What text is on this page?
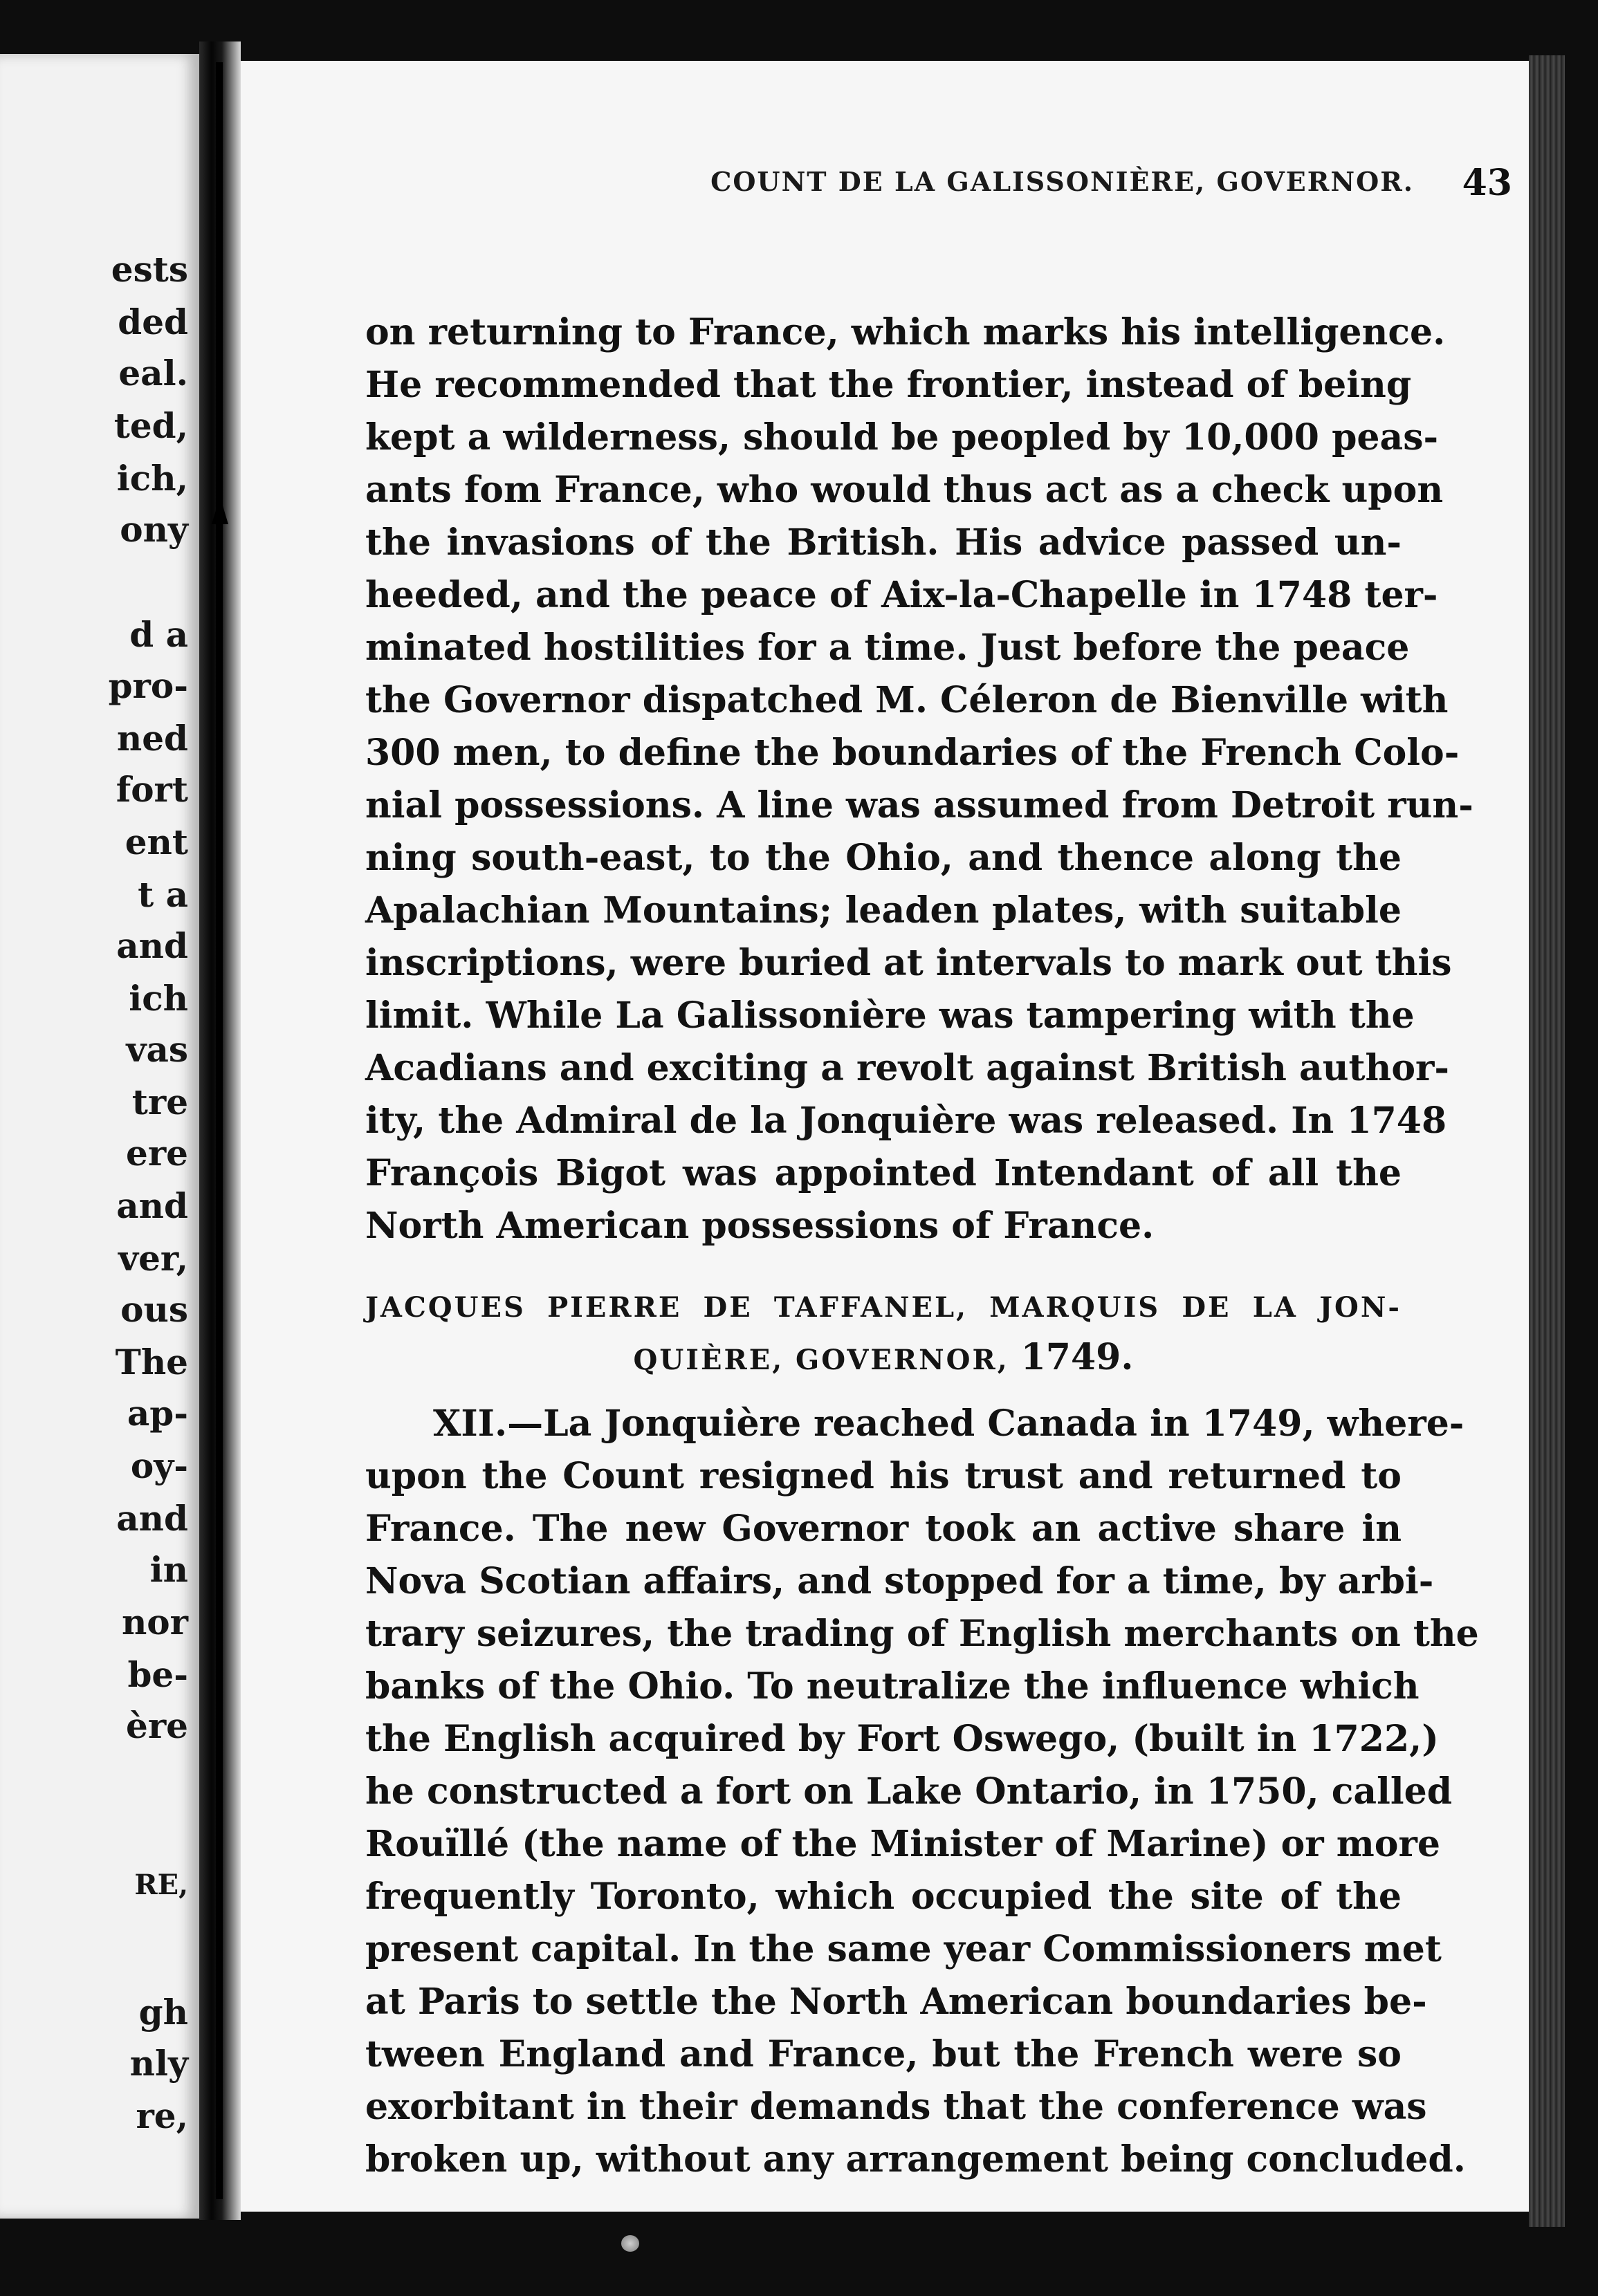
ests
ded
eal.
ted,
ich,
ony
d a
pro-
ned
fort
ent
t a
and
ich
vas
tre
ere
and
ver,
ous
The
ap-
oy-
and
in
nor
be-
ère
RE,
gh
nly
re,
COUNT DE LA GALISSONIÈRE, GOVERNOR.	43
on returning to France, which marks his intelligence.
He recommended that the frontier, instead of being
kept a wilderness, should be peopled by 10,000 peas-
ants fom France, who would thus act as a check upon
the invasions of the British. His advice passed un-
heeded, and the peace of Aix-la-Chapelle in 1748 ter-
minated hostilities for a time. Just before the peace
the Governor dispatched M. Céleron de Bienville with
300 men, to define the boundaries of the French Colo-
nial possessions. A line was assumed from Detroit run-
ning south-east, to the Ohio, and thence along the
Apalachian Mountains; leaden plates, with suitable
inscriptions, were buried at intervals to mark out this
limit. While La Galissonière was tampering with the
Acadians and exciting a revolt against British author-
ity, the Admiral de la Jonquière was released. In 1748
François Bigot was appointed Intendant of all the
North American possessions of France.
JACQUES PIERRE DE TAFFANEL, MARQUIS DE LA JON-
QUIÈRE, GOVERNOR, 1749.
XII.—La Jonquière reached Canada in 1749, where-
upon the Count resigned his trust and returned to
France. The new Governor took an active share in
Nova Scotian affairs, and stopped for a time, by arbi-
trary seizures, the trading of English merchants on the
banks of the Ohio. To neutralize the influence which
the English acquired by Fort Oswego, (built in 1722,)
he constructed a fort on Lake Ontario, in 1750, called
Rouïllé (the name of the Minister of Marine) or more
frequently Toronto, which occupied the site of the
present capital. In the same year Commissioners met
at Paris to settle the North American boundaries be-
tween England and France, but the French were so
exorbitant in their demands that the conference was
broken up, without any arrangement being concluded.
